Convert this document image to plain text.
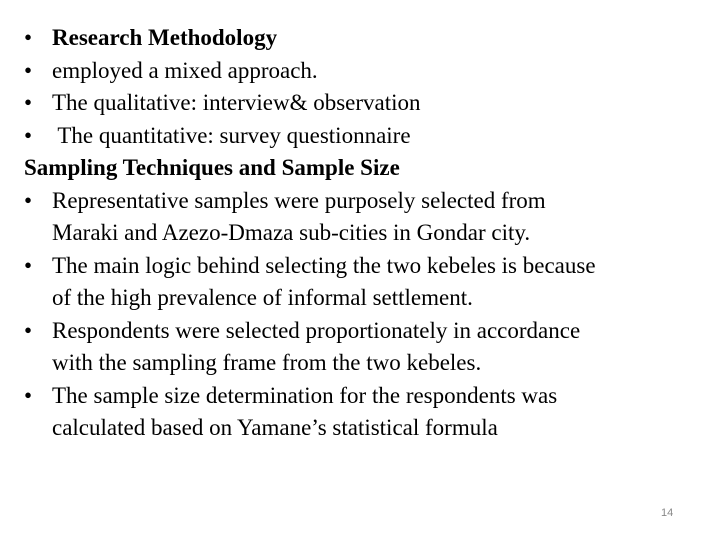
• Research Methodology
• employed a mixed approach.
• The qualitative: interview& observation
• The quantitative: survey questionnaire
Sampling Techniques and Sample Size
• Representative samples were purposely selected from
Maraki and Azezo-Dmaza sub-cities in Gondar city.
• The main logic behind selecting the two kebeles is because
of the high prevalence of informal settlement.
• Respondents were selected proportionately in accordance
with the sampling frame from the two kebeles.
• The sample size determination for the respondents was
calculated based on Yamane’s statistical formula
14
